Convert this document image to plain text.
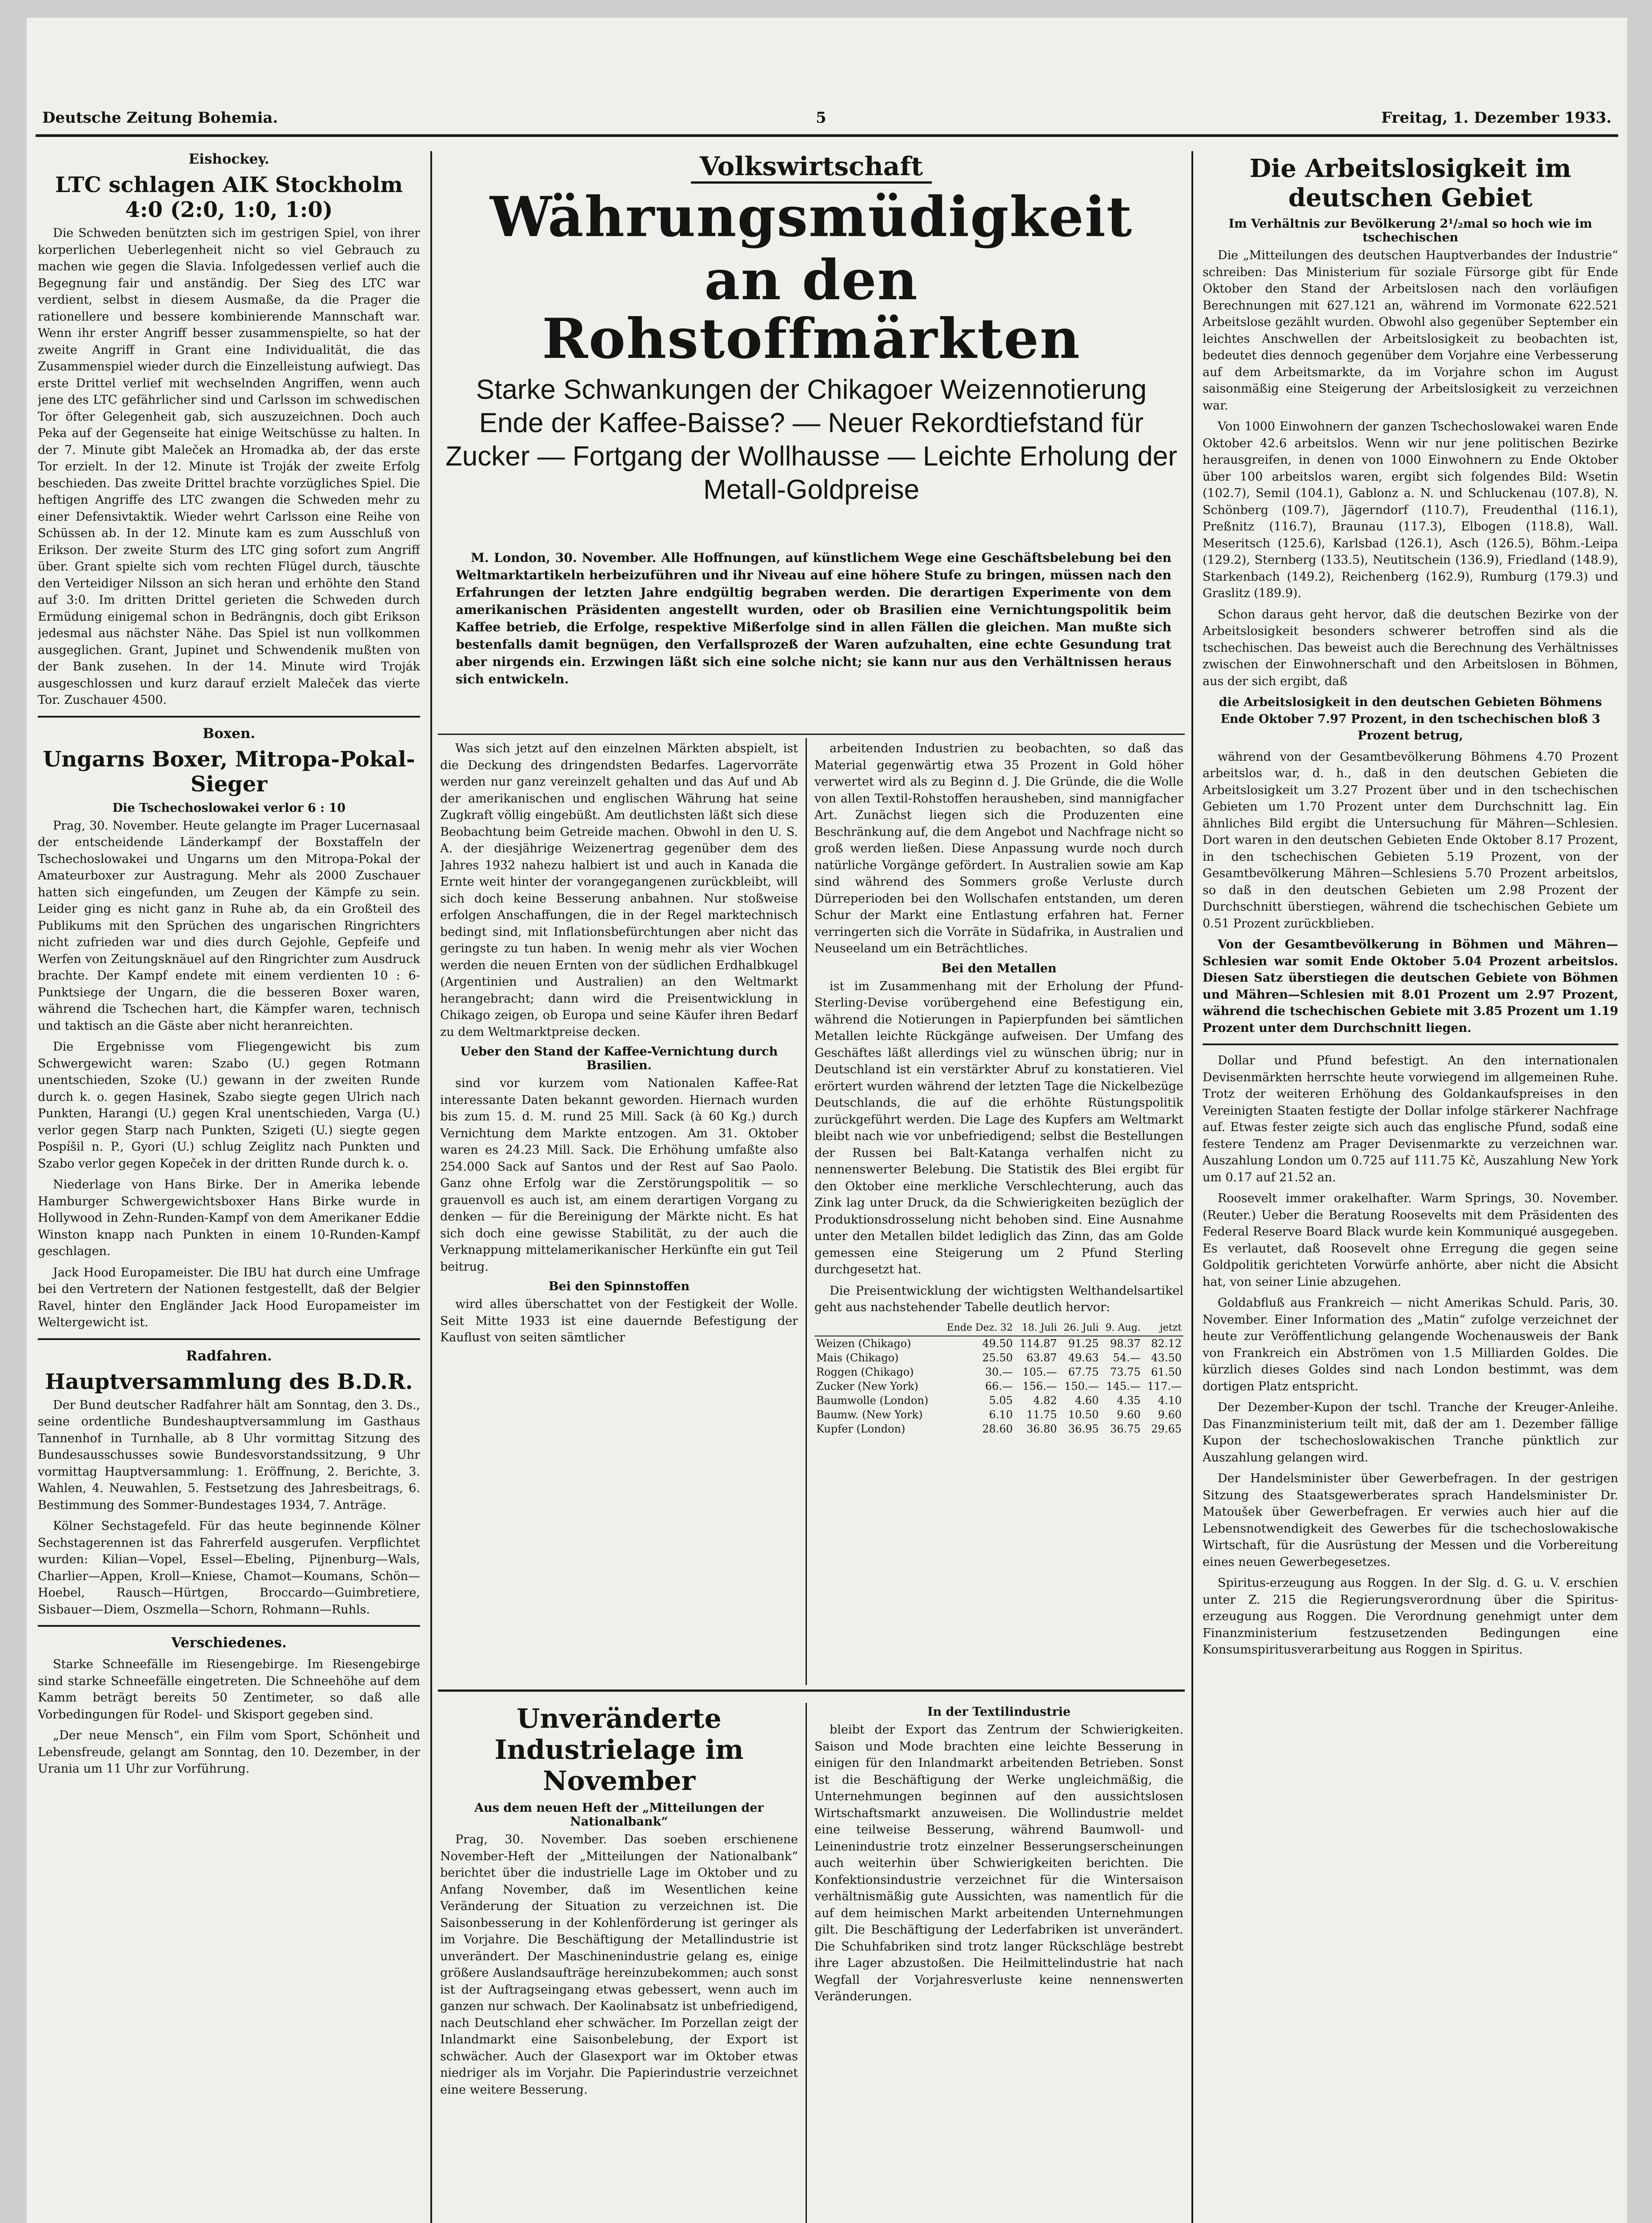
Deutsche Zeitung Bohemia.	5	Freitag, 1. Dezember 1933.
Eishockey.
LTC schlagen AIK Stockholm 4:0 (2:0, 1:0, 1:0)

Die Schweden benützten sich im gestrigen Spiel, von ihrer korperlichen Ueberlegenheit nicht so viel Gebrauch zu machen wie gegen die Slavia. Infolgedessen verlief auch die Begegnung fair und anständig. Der Sieg des LTC war verdient, selbst in diesem Ausmaße, da die Prager die rationellere und bessere kombinierende Mannschaft war. Wenn ihr erster Angriff besser zusammenspielte, so hat der zweite Angriff in Grant eine Individualität, die das Zusammenspiel wieder durch die Einzelleistung aufwiegt. Das erste Drittel verlief mit wechselnden Angriffen, wenn auch jene des LTC gefährlicher sind und Carlsson im schwedischen Tor öfter Gelegenheit gab, sich auszuzeichnen. Doch auch Peka auf der Gegenseite hat einige Weitschüsse zu halten. In der 7. Minute gibt Maleček an Hromadka ab, der das erste Tor erzielt. In der 12. Minute ist Troják der zweite Erfolg beschieden. Das zweite Drittel brachte vorzügliches Spiel. Die heftigen Angriffe des LTC zwangen die Schweden mehr zu einer Defensivtaktik. Wieder wehrt Carlsson eine Reihe von Schüssen ab. In der 12. Minute kam es zum Ausschluß von Erikson. Der zweite Sturm des LTC ging sofort zum Angriff über. Grant spielte sich vom rechten Flügel durch, täuschte den Verteidiger Nilsson an sich heran und erhöhte den Stand auf 3:0. Im dritten Drittel gerieten die Schweden durch Ermüdung einigemal schon in Bedrängnis, doch gibt Erikson jedesmal aus nächster Nähe. Das Spiel ist nun vollkommen ausgeglichen. Grant, Jupinet und Schwendenik mußten von der Bank zusehen. In der 14. Minute wird Troják ausgeschlossen und kurz darauf erzielt Maleček das vierte Tor. Zuschauer 4500.

Boxen.
Ungarns Boxer, Mitropa-Pokal-Sieger
Die Tschechoslowakei verlor 6 : 10

Prag, 30. November. Heute gelangte im Prager Lucernasaal der entscheidende Länderkampf der Boxstaffeln der Tschechoslowakei und Ungarns um den Mitropa-Pokal der Amateurboxer zur Austragung. Mehr als 2000 Zuschauer hatten sich eingefunden, um Zeugen der Kämpfe zu sein. Leider ging es nicht ganz in Ruhe ab, da ein Großteil des Publikums mit den Sprüchen des ungarischen Ringrichters nicht zufrieden war und dies durch Gejohle, Gepfeife und Werfen von Zeitungsknäuel auf den Ringrichter zum Ausdruck brachte. Der Kampf endete mit einem verdienten 10 : 6-Punktsiege der Ungarn, die die besseren Boxer waren, während die Tschechen hart, die Kämpfer waren, technisch und taktisch an die Gäste aber nicht heranreichten.

Die Ergebnisse vom Fliegengewicht bis zum Schwergewicht waren: Szabo (U.) gegen Rotmann unentschieden, Szoke (U.) gewann in der zweiten Runde durch k. o. gegen Hasinek, Szabo siegte gegen Ulrich nach Punkten, Harangi (U.) gegen Kral unentschieden, Varga (U.) verlor gegen Starp nach Punkten, Szigeti (U.) siegte gegen Pospíšil n. P., Gyori (U.) schlug Zeiglitz nach Punkten und Szabo verlor gegen Kopeček in der dritten Runde durch k. o.

Niederlage von Hans Birke. Der in Amerika lebende Hamburger Schwergewichtsboxer Hans Birke wurde in Hollywood in Zehn-Runden-Kampf von dem Amerikaner Eddie Winston knapp nach Punkten in einem 10-Runden-Kampf geschlagen.

Jack Hood Europameister. Die IBU hat durch eine Umfrage bei den Vertretern der Nationen festgestellt, daß der Belgier Ravel, hinter den Engländer Jack Hood Europameister im Weltergewicht ist.

Radfahren.
Hauptversammlung des B.D.R.

Der Bund deutscher Radfahrer hält am Sonntag, den 3. Ds., seine ordentliche Bundeshauptversammlung im Gasthaus Tannenhof in Turnhalle, ab 8 Uhr vormittag Sitzung des Bundesausschusses sowie Bundesvorstandssitzung, 9 Uhr vormittag Hauptversammlung: 1. Eröffnung, 2. Berichte, 3. Wahlen, 4. Neuwahlen, 5. Festsetzung des Jahresbeitrags, 6. Bestimmung des Sommer-Bundestages 1934, 7. Anträge.

Kölner Sechstagefeld. Für das heute beginnende Kölner Sechstagerennen ist das Fahrerfeld ausgerufen. Verpflichtet wurden: Kilian—Vopel, Essel—Ebeling, Pijnenburg—Wals, Charlier—Appen, Kroll—Kniese, Chamot—Koumans, Schön—Hoebel, Rausch—Hürtgen, Broccardo—Guimbretiere, Sisbauer—Diem, Oszmella—Schorn, Rohmann—Ruhls.

Verschiedenes.

Starke Schneefälle im Riesengebirge. Im Riesengebirge sind starke Schneefälle eingetreten. Die Schneehöhe auf dem Kamm beträgt bereits 50 Zentimeter, so daß alle Vorbedingungen für Rodel- und Skisport gegeben sind.

„Der neue Mensch“, ein Film vom Sport, Schönheit und Lebensfreude, gelangt am Sonntag, den 10. Dezember, in der Urania um 11 Uhr zur Vorführung.

Volkswirtschaft
Währungsmüdigkeit
an den Rohstoffmärkten
Starke Schwankungen der Chikagoer Weizennotierung Ende der Kaffee-Baisse? — Neuer Rekordtiefstand für Zucker — Fortgang der Wollhausse — Leichte Erholung der Metall-Goldpreise

M. London, 30. November. Alle Hoffnungen, auf künstlichem Wege eine Geschäftsbelebung bei den Weltmarktartikeln herbeizuführen und ihr Niveau auf eine höhere Stufe zu bringen, müssen nach den Erfahrungen der letzten Jahre endgültig begraben werden. Die derartigen Experimente von dem amerikanischen Präsidenten angestellt wurden, oder ob Brasilien eine Vernichtungspolitik beim Kaffee betrieb, die Erfolge, respektive Mißerfolge sind in allen Fällen die gleichen. Man mußte sich bestenfalls damit begnügen, den Verfallsprozeß der Waren aufzuhalten, eine echte Gesundung trat aber nirgends ein. Erzwingen läßt sich eine solche nicht; sie kann nur aus den Verhältnissen heraus sich entwickeln.

Was sich jetzt auf den einzelnen Märkten abspielt, ist die Deckung des dringendsten Bedarfes. Lagervorräte werden nur ganz vereinzelt gehalten und das Auf und Ab der amerikanischen und englischen Währung hat seine Zugkraft völlig eingebüßt. Am deutlichsten läßt sich diese Beobachtung beim Getreide machen. Obwohl in den U. S. A. der diesjährige Weizenertrag gegenüber dem des Jahres 1932 nahezu halbiert ist und auch in Kanada die Ernte weit hinter der vorangegangenen zurückbleibt, will sich doch keine Besserung anbahnen. Nur stoßweise erfolgen Anschaffungen, die in der Regel marktechnisch bedingt sind, mit Inflationsbefürchtungen aber nicht das geringste zu tun haben. In wenig mehr als vier Wochen werden die neuen Ernten von der südlichen Erdhalbkugel (Argentinien und Australien) an den Weltmarkt herangebracht; dann wird die Preisentwicklung in Chikago zeigen, ob Europa und seine Käufer ihren Bedarf zu dem Weltmarktpreise decken.

Ueber den Stand der Kaffee-Vernichtung durch Brasilien.

sind vor kurzem vom Nationalen Kaffee-Rat interessante Daten bekannt geworden. Hiernach wurden bis zum 15. d. M. rund 25 Mill. Sack (à 60 Kg.) durch Vernichtung dem Markte entzogen. Am 31. Oktober waren es 24.23 Mill. Sack. Die Erhöhung umfaßte also 254.000 Sack auf Santos und der Rest auf Sao Paolo. Ganz ohne Erfolg war die Zerstörungspolitik — so grauenvoll es auch ist, am einem derartigen Vorgang zu denken — für die Bereinigung der Märkte nicht. Es hat sich doch eine gewisse Stabilität, zu der auch die Verknappung mittelamerikanischer Herkünfte ein gut Teil beitrug.

Bei den Spinnstoffen

wird alles überschattet von der Festigkeit der Wolle. Seit Mitte 1933 ist eine dauernde Befestigung der Kauflust von seiten sämtlicher

arbeitenden Industrien zu beobachten, so daß das Material gegenwärtig etwa 35 Prozent in Gold höher verwertet wird als zu Beginn d. J. Die Gründe, die die Wolle von allen Textil-Rohstoffen herausheben, sind mannigfacher Art. Zunächst liegen sich die Produzenten eine Beschränkung auf, die dem Angebot und Nachfrage nicht so groß werden ließen. Diese Anpassung wurde noch durch natürliche Vorgänge gefördert. In Australien sowie am Kap sind während des Sommers große Verluste durch Dürreperioden bei den Wollschafen entstanden, um deren Schur der Markt eine Entlastung erfahren hat. Ferner verringerten sich die Vorräte in Südafrika, in Australien und Neuseeland um ein Beträchtliches.

Bei den Metallen

ist im Zusammenhang mit der Erholung der Pfund-Sterling-Devise vorübergehend eine Befestigung ein, während die Notierungen in Papierpfunden bei sämtlichen Metallen leichte Rückgänge aufweisen. Der Umfang des Geschäftes läßt allerdings viel zu wünschen übrig; nur in Deutschland ist ein verstärkter Abruf zu konstatieren. Viel erörtert wurden während der letzten Tage die Nickelbezüge Deutschlands, die auf die erhöhte Rüstungspolitik zurückgeführt werden. Die Lage des Kupfers am Weltmarkt bleibt nach wie vor unbefriedigend; selbst die Bestellungen der Russen bei Balt-Katanga verhalfen nicht zu nennenswerter Belebung. Die Statistik des Blei ergibt für den Oktober eine merkliche Verschlechterung, auch das Zink lag unter Druck, da die Schwierigkeiten bezüglich der Produktionsdrosselung nicht behoben sind. Eine Ausnahme unter den Metallen bildet lediglich das Zinn, das am Golde gemessen eine Steigerung um 2 Pfund Sterling durchgesetzt hat.

Die Preisentwicklung der wichtigsten Welthandelsartikel geht aus nachstehender Tabelle deutlich hervor:

	Ende Dez. 32	18. Juli	26. Juli	9. Aug.	jetzt
Weizen (Chikago)	49.50	114.87	91.25	98.37	82.12
Mais (Chikago)	25.50	63.87	49.63	54.—	43.50
Roggen (Chikago)	30.—	105.—	67.75	73.75	61.50
Zucker (New York)	66.—	156.—	150.—	145.—	117.—
Baumwolle (London)	5.05	4.82	4.60	4.35	4.10
Baumw. (New York)	6.10	11.75	10.50	9.60	9.60
Kupfer (London)	28.60	36.80	36.95	36.75	29.65
Unveränderte Industrielage im November
Aus dem neuen Heft der „Mitteilungen der Nationalbank“

Prag, 30. November. Das soeben erschienene November-Heft der „Mitteilungen der Nationalbank“ berichtet über die industrielle Lage im Oktober und zu Anfang November, daß im Wesentlichen keine Veränderung der Situation zu verzeichnen ist. Die Saisonbesserung in der Kohlenförderung ist geringer als im Vorjahre. Die Beschäftigung der Metallindustrie ist unverändert. Der Maschinenindustrie gelang es, einige größere Auslandsaufträge hereinzubekommen; auch sonst ist der Auftragseingang etwas gebessert, wenn auch im ganzen nur schwach. Der Kaolinabsatz ist unbefriedigend, nach Deutschland eher schwächer. Im Porzellan zeigt der Inlandmarkt eine Saisonbelebung, der Export ist schwächer. Auch der Glasexport war im Oktober etwas niedriger als im Vorjahr. Die Papierindustrie verzeichnet eine weitere Besserung.

In der Textilindustrie

bleibt der Export das Zentrum der Schwierigkeiten. Saison und Mode brachten eine leichte Besserung in einigen für den Inlandmarkt arbeitenden Betrieben. Sonst ist die Beschäftigung der Werke ungleichmäßig, die Unternehmungen beginnen auf den aussichtslosen Wirtschaftsmarkt anzuweisen. Die Wollindustrie meldet eine teilweise Besserung, während Baumwoll- und Leinenindustrie trotz einzelner Besserungserscheinungen auch weiterhin über Schwierigkeiten berichten. Die Konfektionsindustrie verzeichnet für die Wintersaison verhältnismäßig gute Aussichten, was namentlich für die auf dem heimischen Markt arbeitenden Unternehmungen gilt. Die Beschäftigung der Lederfabriken ist unverändert. Die Schuhfabriken sind trotz langer Rückschläge bestrebt ihre Lager abzustoßen. Die Heilmittelindustrie hat nach Wegfall der Vorjahresverluste keine nennenswerten Veränderungen.

Die Arbeitslosigkeit im deutschen Gebiet
Im Verhältnis zur Bevölkerung 2¹/₂mal so hoch wie im tschechischen

Die „Mitteilungen des deutschen Hauptverbandes der Industrie“ schreiben: Das Ministerium für soziale Fürsorge gibt für Ende Oktober den Stand der Arbeitslosen nach den vorläufigen Berechnungen mit 627.121 an, während im Vormonate 622.521 Arbeitslose gezählt wurden. Obwohl also gegenüber September ein leichtes Anschwellen der Arbeitslosigkeit zu beobachten ist, bedeutet dies dennoch gegenüber dem Vorjahre eine Verbesserung auf dem Arbeitsmarkte, da im Vorjahre schon im August saisonmäßig eine Steigerung der Arbeitslosigkeit zu verzeichnen war.

Von 1000 Einwohnern der ganzen Tschechoslowakei waren Ende Oktober 42.6 arbeitslos. Wenn wir nur jene politischen Bezirke herausgreifen, in denen von 1000 Einwohnern zu Ende Oktober über 100 arbeitslos waren, ergibt sich folgendes Bild: Wsetin (102.7), Semil (104.1), Gablonz a. N. und Schluckenau (107.8), N. Schönberg (109.7), Jägerndorf (110.7), Freudenthal (116.1), Preßnitz (116.7), Braunau (117.3), Elbogen (118.8), Wall. Meseritsch (125.6), Karlsbad (126.1), Asch (126.5), Böhm.-Leipa (129.2), Sternberg (133.5), Neutitschein (136.9), Friedland (148.9), Starkenbach (149.2), Reichenberg (162.9), Rumburg (179.3) und Graslitz (189.9).

Schon daraus geht hervor, daß die deutschen Bezirke von der Arbeitslosigkeit besonders schwerer betroffen sind als die tschechischen. Das beweist auch die Berechnung des Verhältnisses zwischen der Einwohnerschaft und den Arbeitslosen in Böhmen, aus der sich ergibt, daß

die Arbeitslosigkeit in den deutschen Gebieten Böhmens Ende Oktober 7.97 Prozent, in den tschechischen bloß 3 Prozent betrug,

während von der Gesamtbevölkerung Böhmens 4.70 Prozent arbeitslos war, d. h., daß in den deutschen Gebieten die Arbeitslosigkeit um 3.27 Prozent über und in den tschechischen Gebieten um 1.70 Prozent unter dem Durchschnitt lag. Ein ähnliches Bild ergibt die Untersuchung für Mähren—Schlesien. Dort waren in den deutschen Gebieten Ende Oktober 8.17 Prozent, in den tschechischen Gebieten 5.19 Prozent, von der Gesamtbevölkerung Mähren—Schlesiens 5.70 Prozent arbeitslos, so daß in den deutschen Gebieten um 2.98 Prozent der Durchschnitt überstiegen, während die tschechischen Gebiete um 0.51 Prozent zurückblieben.

Von der Gesamtbevölkerung in Böhmen und Mähren—Schlesien war somit Ende Oktober 5.04 Prozent arbeitslos. Diesen Satz überstiegen die deutschen Gebiete von Böhmen und Mähren—Schlesien mit 8.01 Prozent um 2.97 Prozent, während die tschechischen Gebiete mit 3.85 Prozent um 1.19 Prozent unter dem Durchschnitt liegen.

Dollar und Pfund befestigt. An den internationalen Devisenmärkten herrschte heute vorwiegend im allgemeinen Ruhe. Trotz der weiteren Erhöhung des Goldankaufspreises in den Vereinigten Staaten festigte der Dollar infolge stärkerer Nachfrage auf. Etwas fester zeigte sich auch das englische Pfund, sodaß eine festere Tendenz am Prager Devisenmarkte zu verzeichnen war. Auszahlung London um 0.725 auf 111.75 Kč, Auszahlung New York um 0.17 auf 21.52 an.

Roosevelt immer orakelhafter. Warm Springs, 30. November. (Reuter.) Ueber die Beratung Roosevelts mit dem Präsidenten des Federal Reserve Board Black wurde kein Kommuniqué ausgegeben. Es verlautet, daß Roosevelt ohne Erregung die gegen seine Goldpolitik gerichteten Vorwürfe anhörte, aber nicht die Absicht hat, von seiner Linie abzugehen.

Goldabfluß aus Frankreich — nicht Amerikas Schuld. Paris, 30. November. Einer Information des „Matin“ zufolge verzeichnet der heute zur Veröffentlichung gelangende Wochenausweis der Bank von Frankreich ein Abströmen von 1.5 Milliarden Goldes. Die kürzlich dieses Goldes sind nach London bestimmt, was dem dortigen Platz entspricht.

Der Dezember-Kupon der tschl. Tranche der Kreuger-Anleihe. Das Finanzministerium teilt mit, daß der am 1. Dezember fällige Kupon der tschechoslowakischen Tranche pünktlich zur Auszahlung gelangen wird.

Der Handelsminister über Gewerbefragen. In der gestrigen Sitzung des Staatsgewerberates sprach Handelsminister Dr. Matoušek über Gewerbefragen. Er verwies auch hier auf die Lebensnotwendigkeit des Gewerbes für die tschechoslowakische Wirtschaft, für die Ausrüstung der Messen und die Vorbereitung eines neuen Gewerbegesetzes.

Spiritus-erzeugung aus Roggen. In der Slg. d. G. u. V. erschien unter Z. 215 die Regierungsverordnung über die Spiritus-erzeugung aus Roggen. Die Verordnung genehmigt unter dem Finanzministerium festzusetzenden Bedingungen eine Konsumspiritusverarbeitung aus Roggen in Spiritus.
